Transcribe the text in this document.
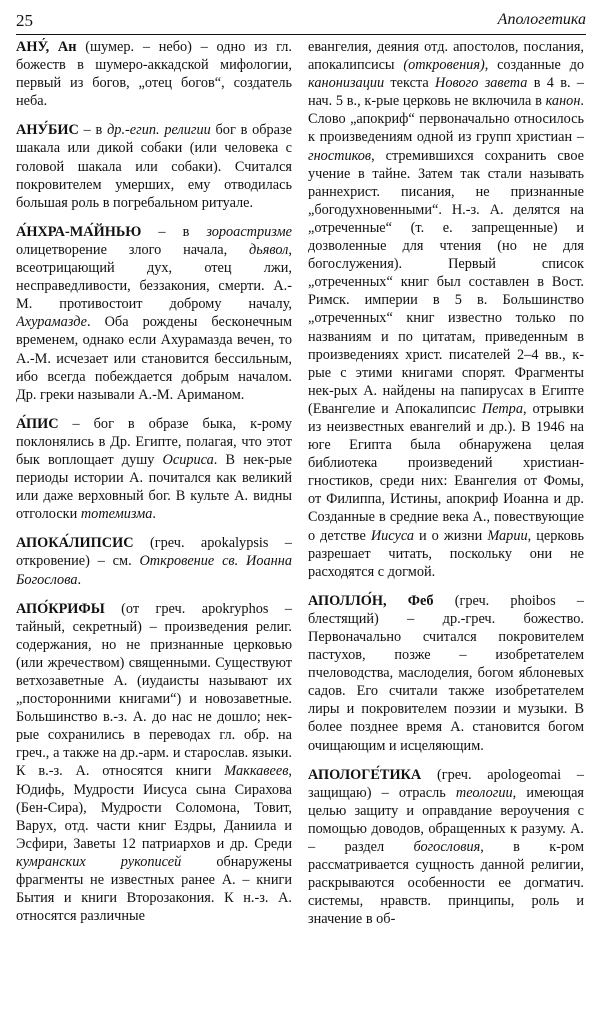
25	Апологетика

АНУ́, Ан (шумер. – небо) – одно из гл. божеств в шумеро-аккадской мифологии, первый из богов, „отец богов“, создатель неба.

АНУ́БИС – в др.-егип. религии бог в образе шакала или дикой собаки (или человека с головой шакала или собаки). Считался покровителем умерших, ему отводилась большая роль в погребальном ритуале.

А́НХРА-МА́ЙНЬЮ – в зороастризме олицетворение злого начала, дьявол, всеотрицающий дух, отец лжи, несправедливости, беззакония, смерти. А.-М. противостоит доброму началу, Ахурамазде. Оба рождены бесконечным временем, однако если Ахурамазда вечен, то А.-М. исчезает или становится бессильным, ибо всегда побеждается добрым началом. Др. греки называли А.-М. Ариманом.

А́ПИС – бог в образе быка, к-рому поклонялись в Др. Египте, полагая, что этот бык воплощает душу Осириса. В нек-рые периоды истории А. почитался как великий или даже верховный бог. В культе А. видны отголоски тотемизма.

АПОКА́ЛИПСИС (греч. apokalypsis – откровение) – см. Откровение св. Иоанна Богослова.

АПО́КРИФЫ (от греч. apokryphos – тайный, секретный) – произведения религ. содержания, но не признанные церковью (или жречеством) священными. Существуют ветхозаветные А. (иудаисты называют их „посторонними книгами“) и новозаветные. Большинство в.-з. А. до нас не дошло; нек-рые сохранились в переводах гл. обр. на греч., а также на др.-арм. и старослав. языки. К в.-з. А. относятся книги Маккавеев, Юдифь, Мудрости Иисуса сына Сирахова (Бен-Сира), Мудрости Соломона, Товит, Варух, отд. части книг Ездры, Даниила и Эсфири, Заветы 12 патриархов и др. Среди кумранских рукописей обнаружены фрагменты не известных ранее А. – книги Бытия и книги Второзакония. К н.-з. А. относятся различные

евангелия, деяния отд. апостолов, послания, апокалипсисы (откровения), созданные до канонизации текста Нового завета в 4 в. – нач. 5 в., к-рые церковь не включила в канон. Слово „апокриф“ первоначально относилось к произведениям одной из групп христиан – гностиков, стремившихся сохранить свое учение в тайне. Затем так стали называть раннехрист. писания, не признанные „богодухновенными“. Н.-з. А. делятся на „отреченные“ (т. е. запрещенные) и дозволенные для чтения (но не для богослужения). Первый список „отреченных“ книг был составлен в Вост. Римск. империи в 5 в. Большинство „отреченных“ книг известно только по названиям и по цитатам, приведенным в произведениях христ. писателей 2–4 вв., к-рые с этими книгами спорят. Фрагменты нек-рых А. найдены на папирусах в Египте (Евангелие и Апокалипсис Петра, отрывки из неизвестных евангелий и др.). В 1946 на юге Египта была обнаружена целая библиотека произведений христиан-гностиков, среди них: Евангелия от Фомы, от Филиппа, Истины, апокриф Иоанна и др. Созданные в средние века А., повествующие о детстве Иисуса и о жизни Марии, церковь разрешает читать, поскольку они не расходятся с догмой.

АПОЛЛО́Н, Феб (греч. phoibos – блестящий) – др.-греч. божество. Первоначально считался покровителем пастухов, позже – изобретателем пчеловодства, маслоделия, богом яблоневых садов. Его считали также изобретателем лиры и покровителем поэзии и музыки. В более позднее время А. становится богом очищающим и исцеляющим.

АПОЛОГЕ́ТИКА (греч. apologeomai – защищаю) – отрасль теологии, имеющая целью защиту и оправдание вероучения с помощью доводов, обращенных к разуму. А. – раздел богословия, в к-ром рассматривается сущность данной религии, раскрываются особенности ее догматич. системы, нравств. принципы, роль и значение в об-
